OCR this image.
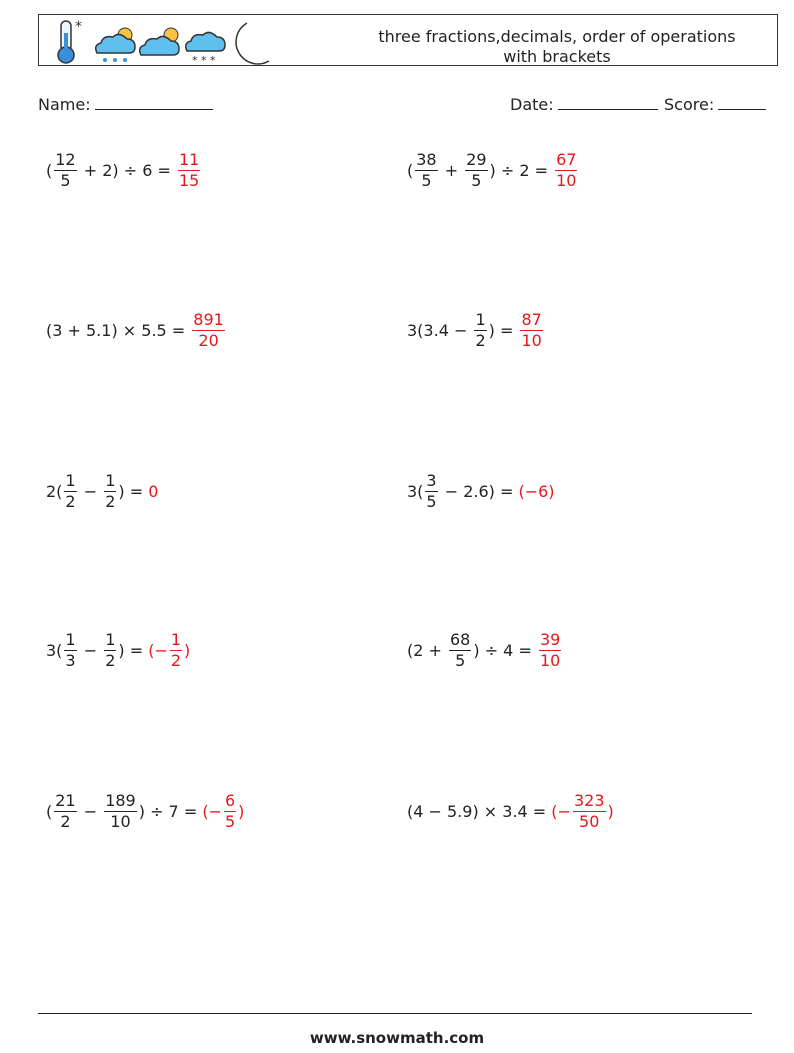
*
* * *
three fractions,decimals, order of operations
with brackets
Name:	Date:	Score:
( $\frac{12}{5} + 2) \div 6 = \frac{11}{15}$	( $\frac{38}{5} + \frac{29}{5}$ ) ÷ $2 = \frac{67}{10}$
$(3 + 5.1) \times 5.5 = \frac{891}{20}$	$3(3.4 - \frac{1}{2}$ ) = $\frac{87}{10}$
$2( \frac{1}{2} - \frac{1}{2}$ ) = 0	$3( \frac{3}{5} - 2.6) = (-6)$
$3( \frac{1}{3} - \frac{1}{2}$ ) = (− $\frac{1}{2}$ )	($2 + \frac{68}{5}$ ) ÷ $4 = \frac{39}{10}$
( $\frac{21}{2} - \frac{189}{10}$ ) ÷ 7 = (− $\frac{6}{5}$ )	(4 − 5.9) × 3.4 = (− $\frac{323}{50}$ )
www.snowmath.com
